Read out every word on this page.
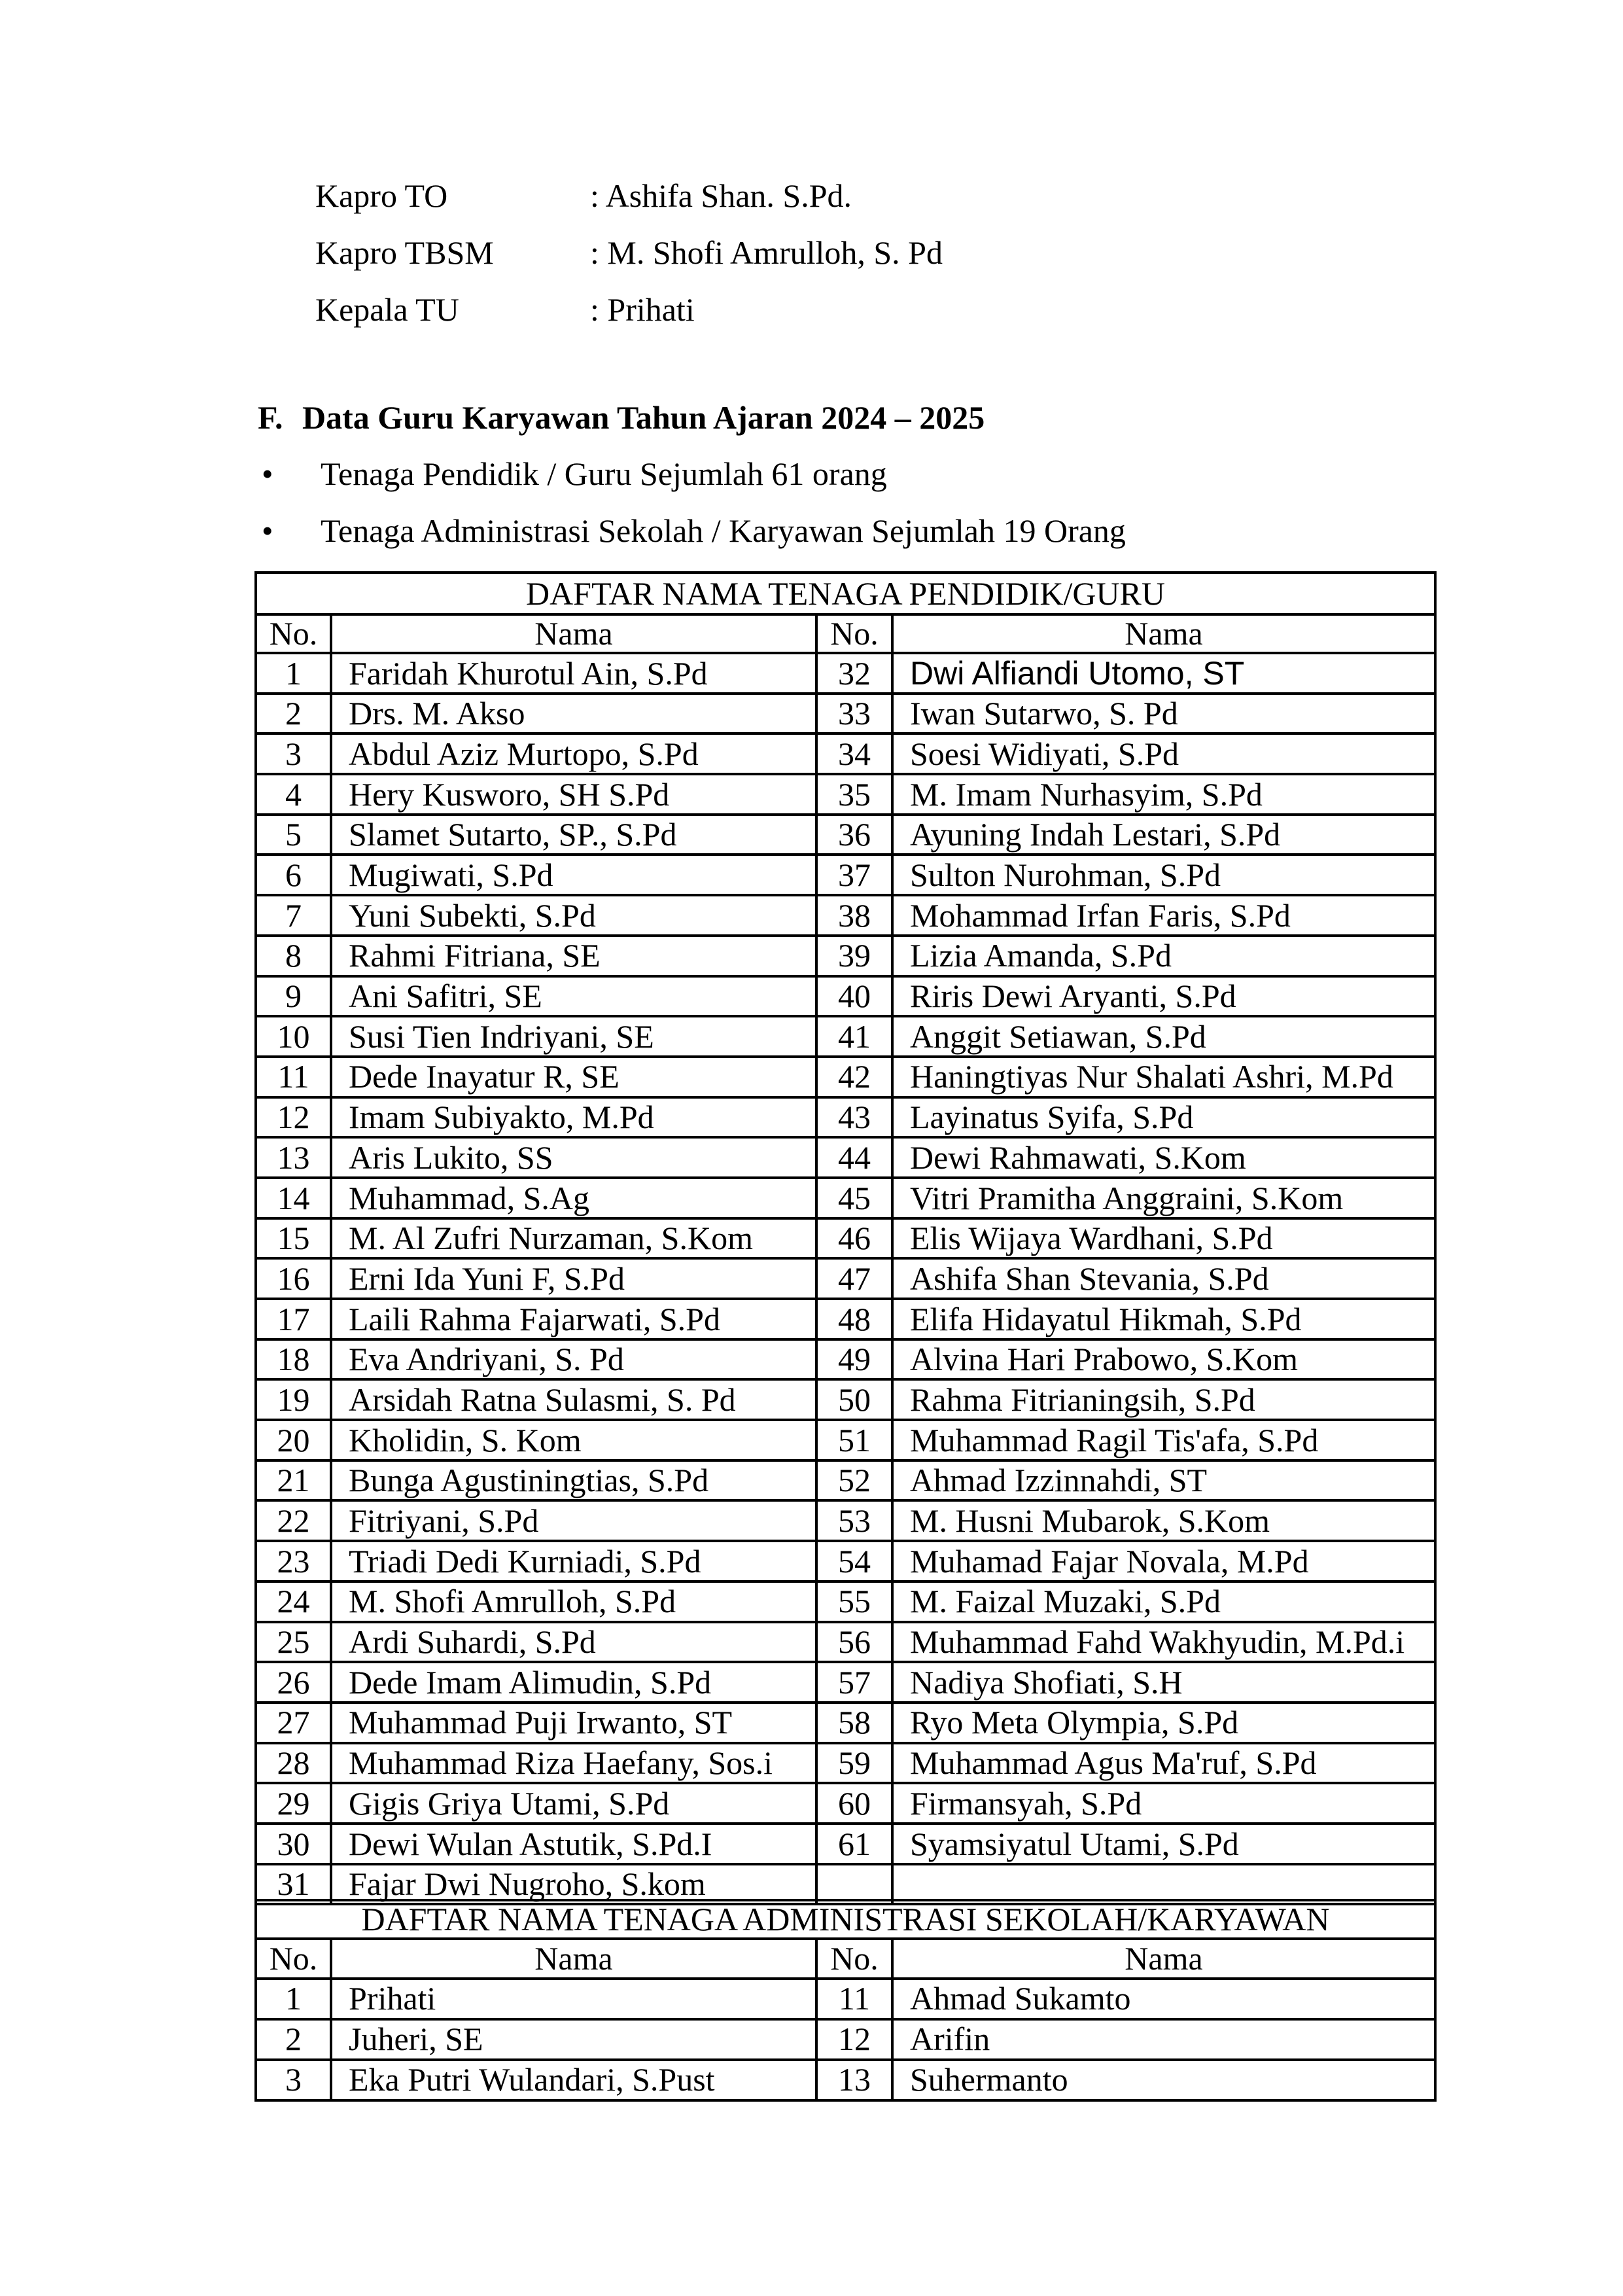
Kapro TO	: Ashifa Shan. S.Pd.
Kapro TBSM	: M. Shofi Amrulloh, S. Pd
Kepala TU	: Prihati
F. Data Guru Karyawan Tahun Ajaran 2024 – 2025
•	Tenaga Pendidik / Guru Sejumlah 61 orang
•	Tenaga Administrasi Sekolah / Karyawan Sejumlah 19 Orang
DAFTAR NAMA TENAGA PENDIDIK/GURU			
No.	Nama	No.	Nama
1	Faridah Khurotul Ain, S.Pd	32	Dwi Alfiandi Utomo, ST
2	Drs. M. Akso	33	Iwan Sutarwo, S. Pd
3	Abdul Aziz Murtopo, S.Pd	34	Soesi Widiyati, S.Pd
4	Hery Kusworo, SH S.Pd	35	M. Imam Nurhasyim, S.Pd
5	Slamet Sutarto, SP., S.Pd	36	Ayuning Indah Lestari, S.Pd
6	Mugiwati, S.Pd	37	Sulton Nurohman, S.Pd
7	Yuni Subekti, S.Pd	38	Mohammad Irfan Faris, S.Pd
8	Rahmi Fitriana, SE	39	Lizia Amanda, S.Pd
9	Ani Safitri, SE	40	Riris Dewi Aryanti, S.Pd
10	Susi Tien Indriyani, SE	41	Anggit Setiawan, S.Pd
11	Dede Inayatur R, SE	42	Haningtiyas Nur Shalati Ashri, M.Pd
12	Imam Subiyakto, M.Pd	43	Layinatus Syifa, S.Pd
13	Aris Lukito, SS	44	Dewi Rahmawati, S.Kom
14	Muhammad, S.Ag	45	Vitri Pramitha Anggraini, S.Kom
15	M. Al Zufri Nurzaman, S.Kom	46	Elis Wijaya Wardhani, S.Pd
16	Erni Ida Yuni F, S.Pd	47	Ashifa Shan Stevania, S.Pd
17	Laili Rahma Fajarwati, S.Pd	48	Elifa Hidayatul Hikmah, S.Pd
18	Eva Andriyani, S. Pd	49	Alvina Hari Prabowo, S.Kom
19	Arsidah Ratna Sulasmi, S. Pd	50	Rahma Fitrianingsih, S.Pd
20	Kholidin, S. Kom	51	Muhammad Ragil Tis'afa, S.Pd
21	Bunga Agustiningtias, S.Pd	52	Ahmad Izzinnahdi, ST
22	Fitriyani, S.Pd	53	M. Husni Mubarok, S.Kom
23	Triadi Dedi Kurniadi, S.Pd	54	Muhamad Fajar Novala, M.Pd
24	M. Shofi Amrulloh, S.Pd	55	M. Faizal Muzaki, S.Pd
25	Ardi Suhardi, S.Pd	56	Muhammad Fahd Wakhyudin, M.Pd.i
26	Dede Imam Alimudin, S.Pd	57	Nadiya Shofiati, S.H
27	Muhammad Puji Irwanto, ST	58	Ryo Meta Olympia, S.Pd
28	Muhammad Riza Haefany, Sos.i	59	Muhammad Agus Ma'ruf, S.Pd
29	Gigis Griya Utami, S.Pd	60	Firmansyah, S.Pd
30	Dewi Wulan Astutik, S.Pd.I	61	Syamsiyatul Utami, S.Pd
31	Fajar Dwi Nugroho, S.kom		
DAFTAR NAMA TENAGA ADMINISTRASI SEKOLAH/KARYAWAN			
No.	Nama	No.	Nama
1	Prihati	11	Ahmad Sukamto
2	Juheri, SE	12	Arifin
3	Eka Putri Wulandari, S.Pust	13	Suhermanto
